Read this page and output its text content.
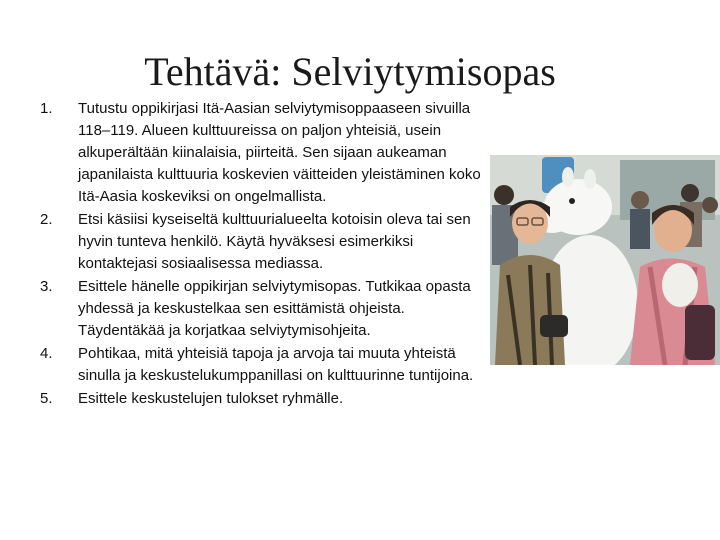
Tehtävä: Selviytymisopas
1.	Tutustu oppikirjasi Itä-Aasian selviytymisoppaaseen sivuilla 118–119. Alueen kulttuureissa on paljon yhteisiä, usein alkuperältään kiinalaisia, piirteitä. Sen sijaan aukeaman japanilaista kulttuuria koskevien väitteiden yleistäminen koko Itä-Aasia koskeviksi on ongelmallista.
2.	Etsi käsiisi kyseiseltä kulttuurialueelta kotoisin oleva tai sen hyvin tunteva henkilö. Käytä hyväksesi esimerkiksi kontaktejasi sosiaalisessa mediassa.
3.	Esittele hänelle oppikirjan selviytymisopas. Tutkikaa opasta yhdessä ja keskustelkaa sen esittämistä ohjeista. Täydentäkää ja korjatkaa selviytymisohjeita.
4.	Pohtikaa, mitä yhteisiä tapoja ja arvoja tai muuta yhteistä sinulla ja keskustelukumppanillasi on kulttuurinne tuntijoina.
5.	Esittele keskustelujen tulokset ryhmälle.
